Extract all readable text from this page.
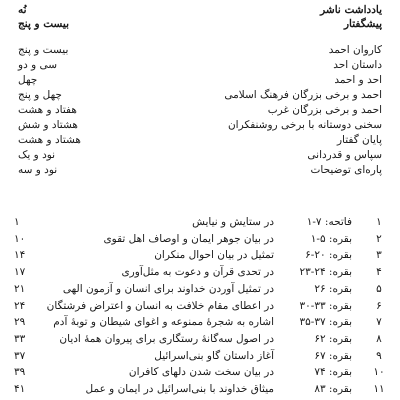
نُه	یادداشت ناشر
پیشگفتار
بیست و پنج
کاروان احمد
بیست و پنج
داستان احد
سی و دو
احد و احمد
چهل
احمد و برخی بزرگان فرهنگ اسلامی
چهل و پنج
احمد و برخی بزرگان غرب
هفتاد و هشت
سخنی دوستانه با برخی روشنفکران
هشتاد و شش
پایان گفتار
هشتاد و هشت
سپاس و قدردانی
نود و یک
پاره‌ای توضیحات
نود و سه
۱
فاتحه: ۷-۱
در ستایش و نیایش
۱
۲
بقره: ۵-۱
در بیان جوهر ایمان و اوصاف اهل تقوی
۱۰
۳
بقره: ۲۰-۶
تمثیل در بیان احوال منکران
۱۴
۴
بقره: ۲۴-۲۳
در تحدی قرآن و دعوت به مثل‌آوری
۱۷
۵
بقره: ۲۶
در تمثیل آوردن خداوند برای انسان و آزمون الهی
۲۱
۶
بقره: ۳۳-۳۰
در اعطای مقام خلافت به انسان و اعتراض فرشتگان
۲۴
۷
بقره: ۳۷-۳۵
اشاره به شجرهٔ ممنوعه و اغوای شیطان و توبهٔ آدم
۲۹
۸
بقره: ۶۲
در اصول سه‌گانهٔ رستگاری برای پیروان همهٔ ادیان
۳۳
۹
بقره: ۶۷
آغاز داستان گاو بنی‌اسرائیل
۳۷
۱۰
بقره: ۷۴
در بیان سخت شدن دلهای کافران
۳۹
۱۱
بقره: ۸۳
میثاق خداوند با بنی‌اسرائیل در ایمان و عمل
۴۱
